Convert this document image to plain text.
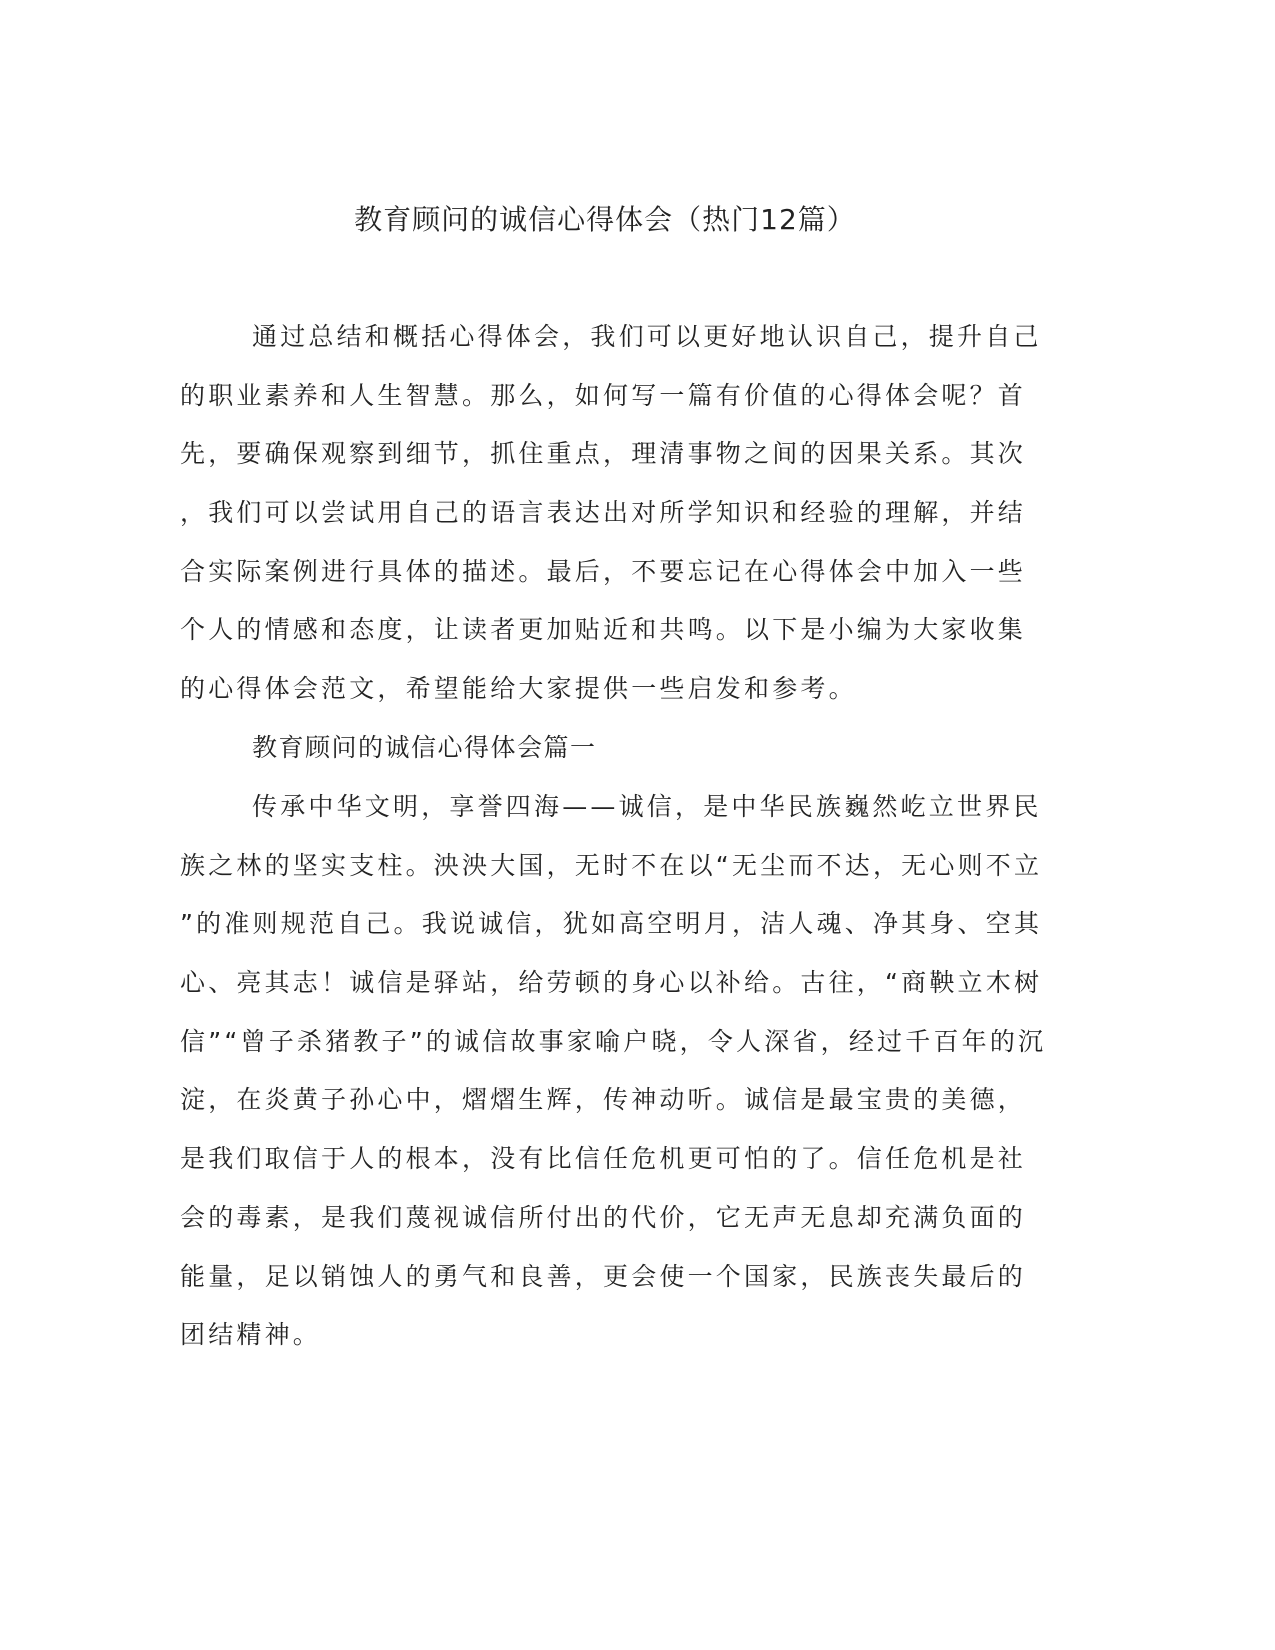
教育顾问的诚信心得体会（热门12篇）
通过总结和概括心得体会，我们可以更好地认识自己，提升自己
的职业素养和人生智慧。那么，如何写一篇有价值的心得体会呢？首
先，要确保观察到细节，抓住重点，理清事物之间的因果关系。其次
，我们可以尝试用自己的语言表达出对所学知识和经验的理解，并结
合实际案例进行具体的描述。最后，不要忘记在心得体会中加入一些
个人的情感和态度，让读者更加贴近和共鸣。以下是小编为大家收集
的心得体会范文，希望能给大家提供一些启发和参考。
教育顾问的诚信心得体会篇一
传承中华文明，享誉四海——诚信，是中华民族巍然屹立世界民
族之林的坚实支柱。泱泱大国，无时不在以“无尘而不达，无心则不立
”的准则规范自己。我说诚信，犹如高空明月，洁人魂、净其身、空其
心、亮其志！诚信是驿站，给劳顿的身心以补给。古往，“商鞅立木树
信”“曾子杀猪教子”的诚信故事家喻户晓，令人深省，经过千百年的沉
淀，在炎黄子孙心中，熠熠生辉，传神动听。诚信是最宝贵的美德，
是我们取信于人的根本，没有比信任危机更可怕的了。信任危机是社
会的毒素，是我们蔑视诚信所付出的代价，它无声无息却充满负面的
能量，足以销蚀人的勇气和良善，更会使一个国家，民族丧失最后的
团结精神。
